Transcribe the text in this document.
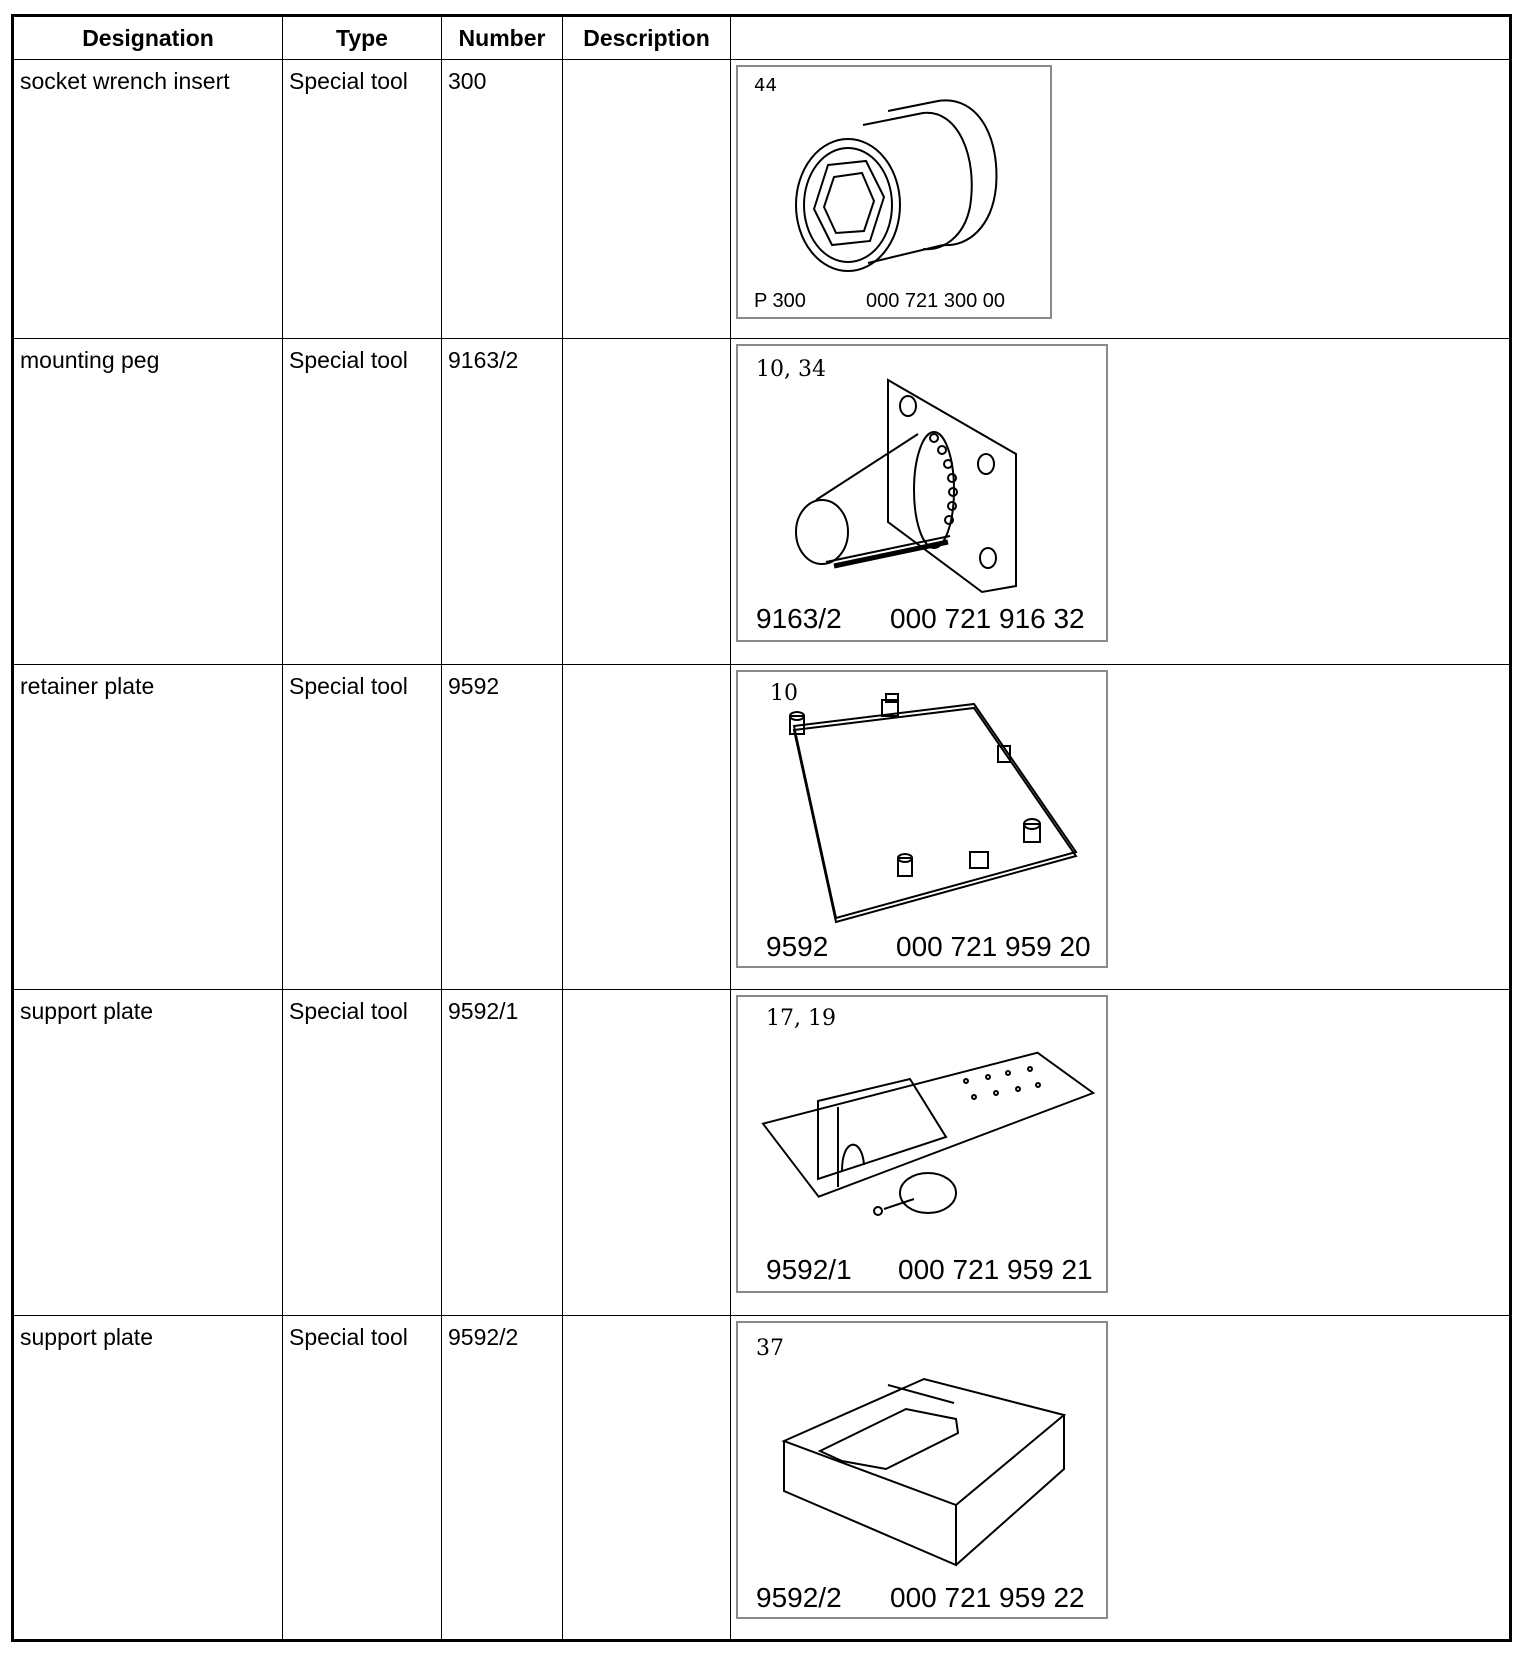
Designation	Type	Number	Description	
socket wrench insert	Special tool	300		44
P 300 000 721 300 00

mounting peg	Special tool	9163/2		10, 34
9163/2 000 721 916 32

retainer plate	Special tool	9592		10
9592 000 721 959 20

support plate	Special tool	9592/1		17, 19
9592/1 000 721 959 21

support plate	Special tool	9592/2		37
9592/2 000 721 959 22
